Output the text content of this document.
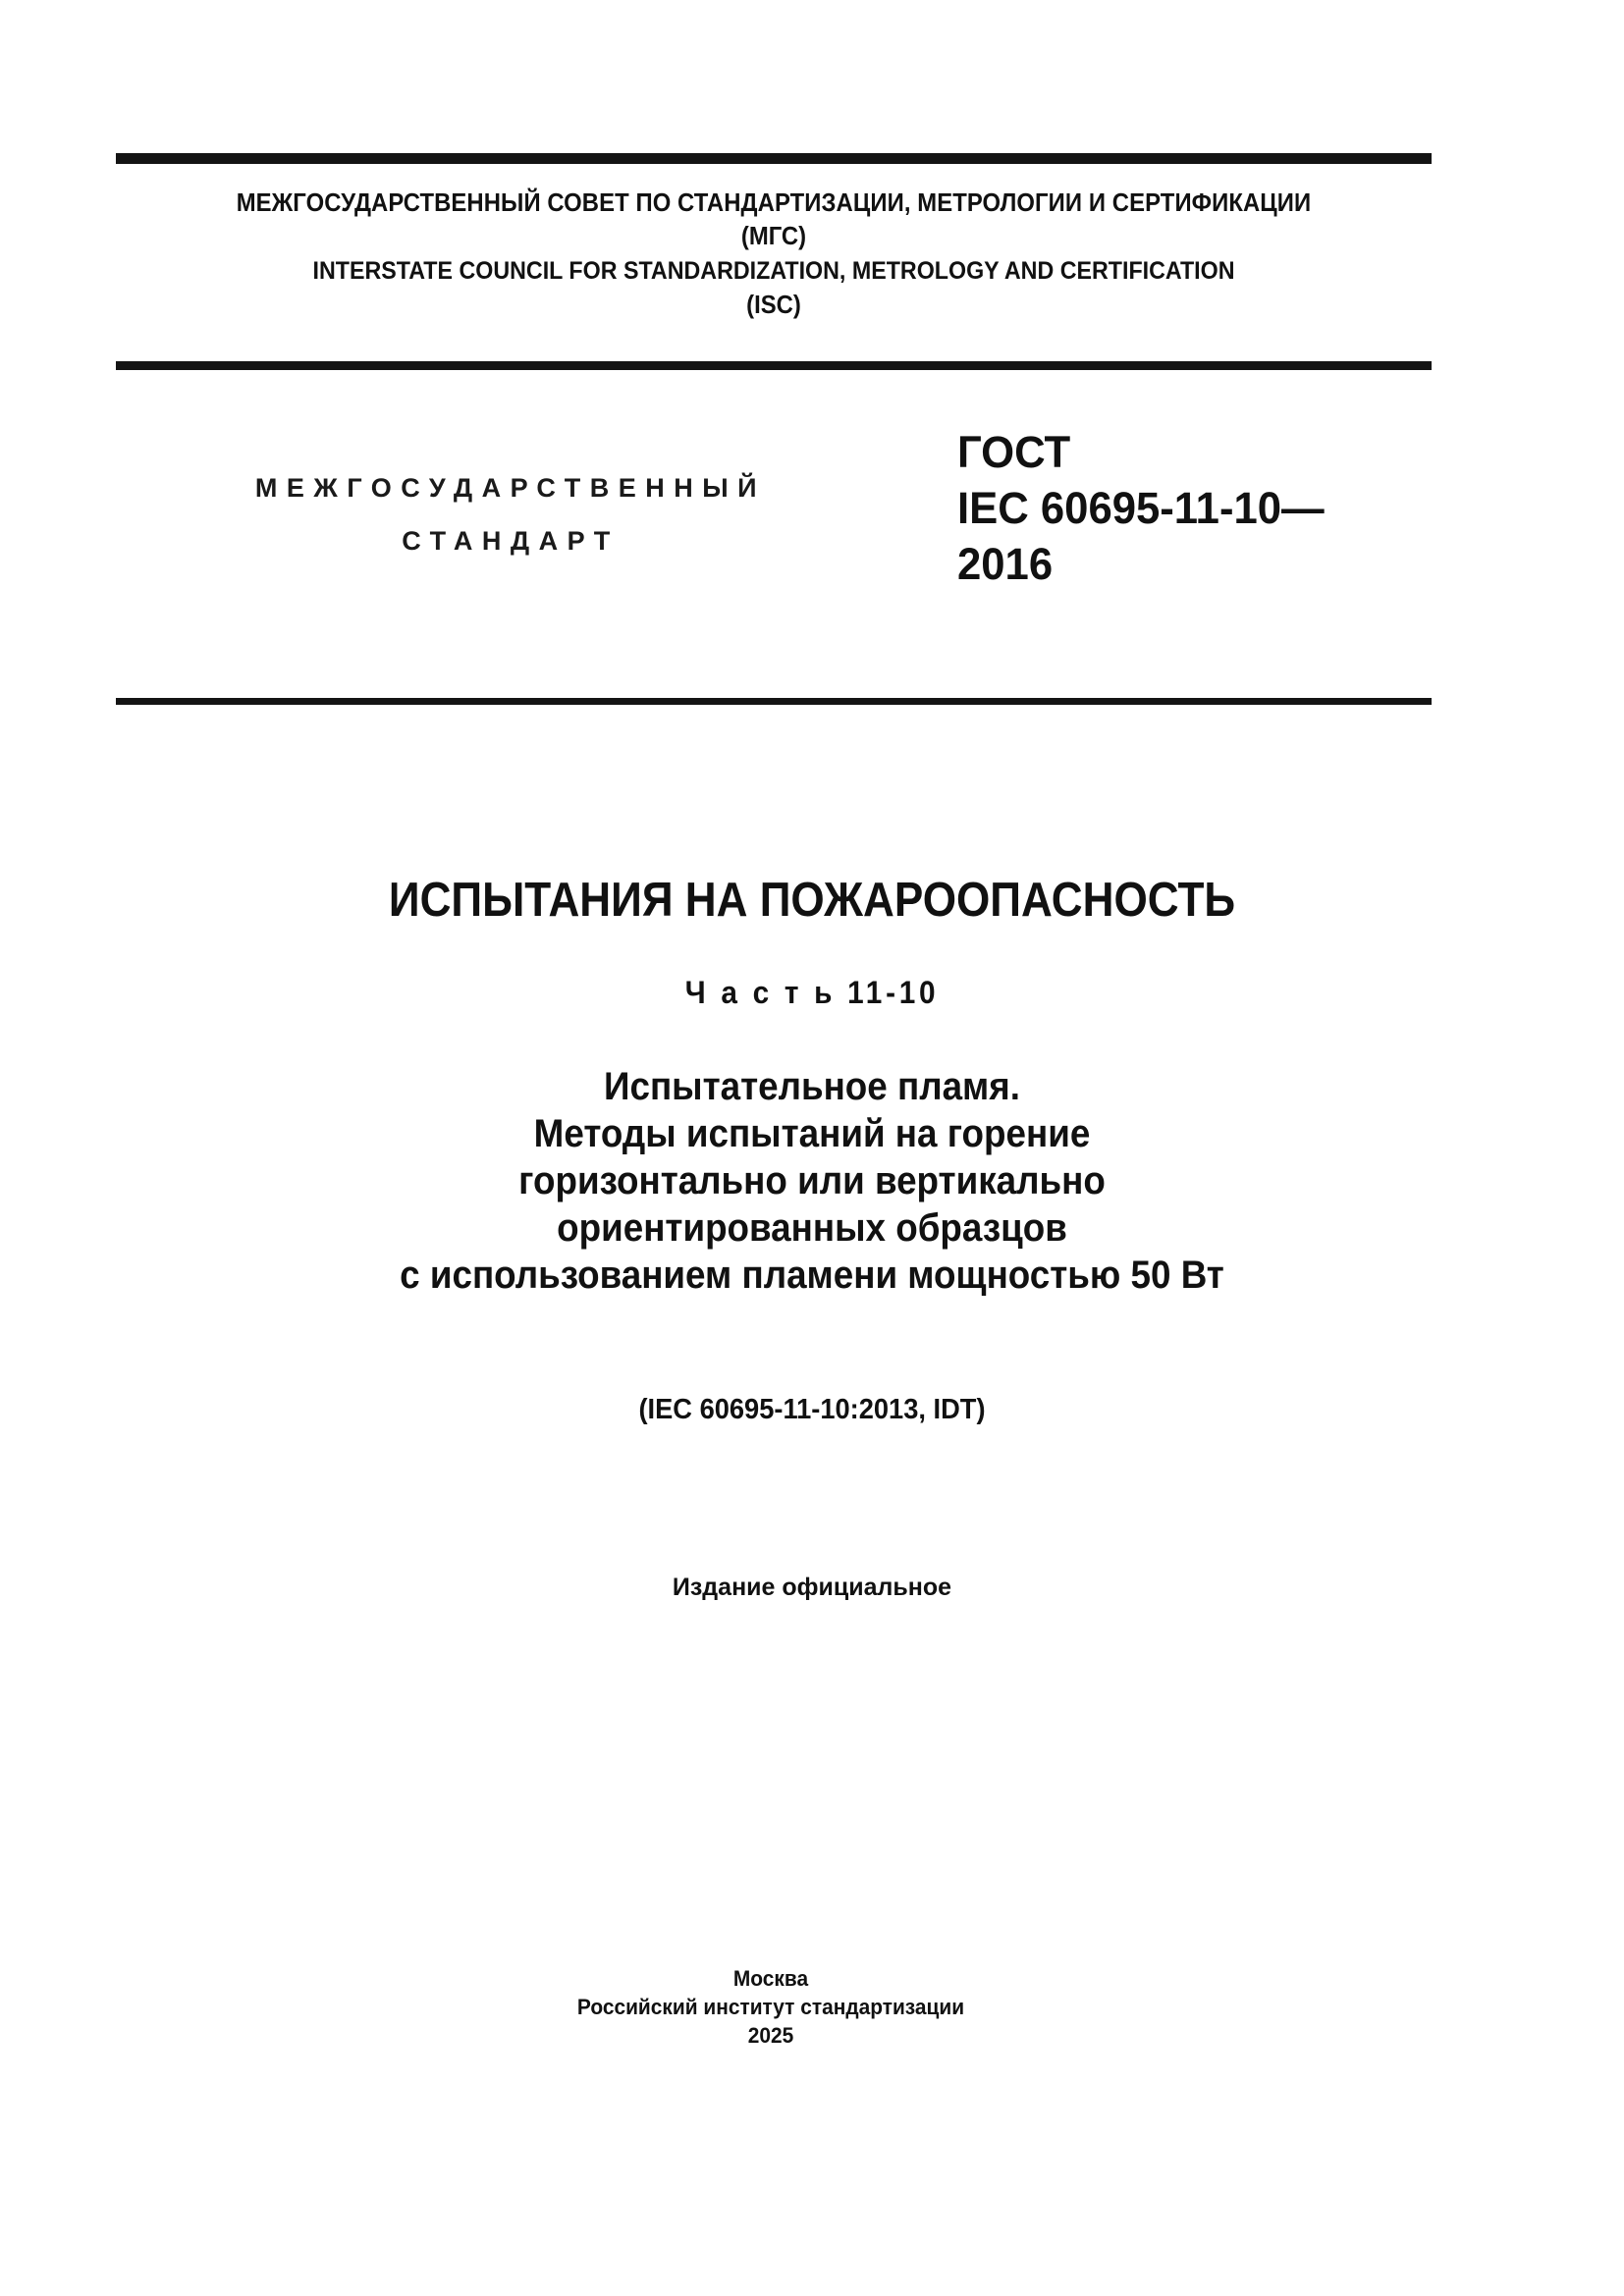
МЕЖГОСУДАРСТВЕННЫЙ СОВЕТ ПО СТАНДАРТИЗАЦИИ, МЕТРОЛОГИИ И СЕРТИФИКАЦИИ
(МГС)
INTERSTATE COUNCIL FOR STANDARDIZATION, METROLOGY AND CERTIFICATION
(ISC)
МЕЖГОСУДАРСТВЕННЫЙ
СТАНДАРТ
ГОСТ
IEC 60695-11-10—
2016
ИСПЫТАНИЯ НА ПОЖАРООПАСНОСТЬ
Ч а с т ь 11-10
Испытательное пламя.
Методы испытаний на горение
горизонтально или вертикально
ориентированных образцов
с использованием пламени мощностью 50 Вт
(IEC 60695-11-10:2013, IDT)
Издание официальное
Москва
Российский институт стандартизации
2025
